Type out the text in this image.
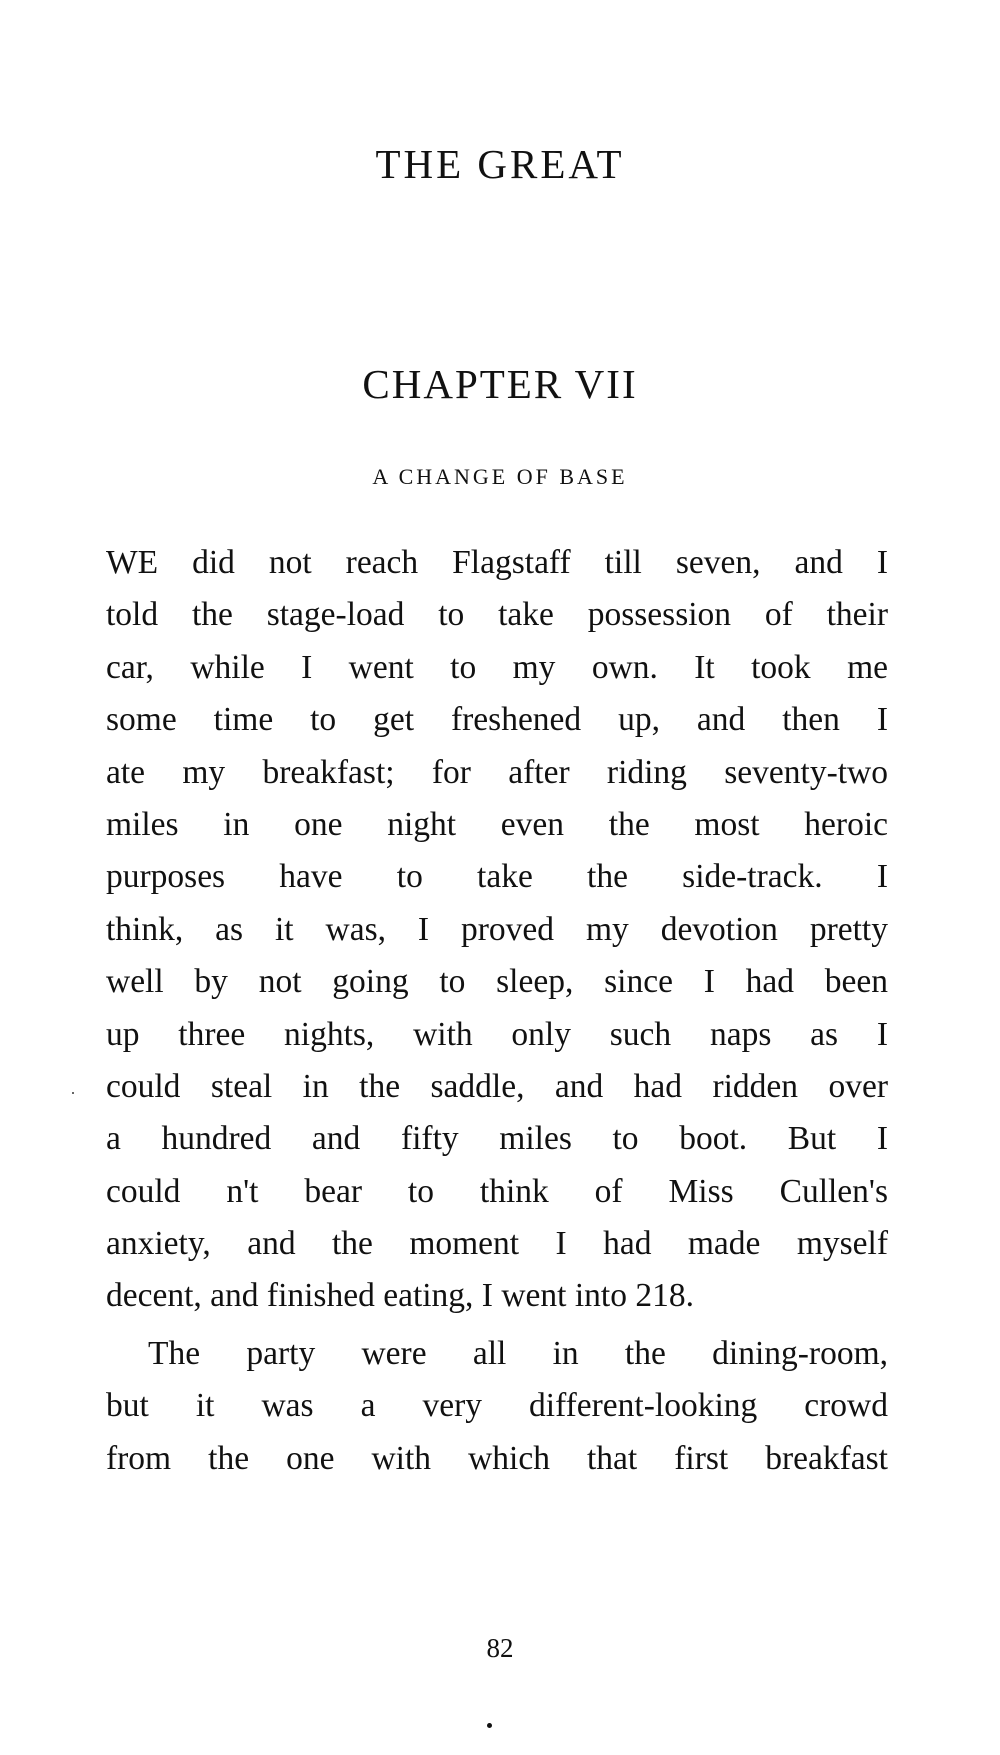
THE GREAT
CHAPTER VII
A CHANGE OF BASE
WE did not reach Flagstaff till seven, and I
told the stage-load to take possession of their
car, while I went to my own. It took me
some time to get freshened up, and then I
ate my breakfast; for after riding seventy-two
miles in one night even the most heroic
purposes have to take the side-track. I
think, as it was, I proved my devotion pretty
well by not going to sleep, since I had been
up three nights, with only such naps as I
could steal in the saddle, and had ridden over
a hundred and fifty miles to boot. But I
could n't bear to think of Miss Cullen's
anxiety, and the moment I had made myself
decent, and finished eating, I went into 218.
The party were all in the dining-room,
but it was a very different-looking crowd
from the one with which that first breakfast
82
